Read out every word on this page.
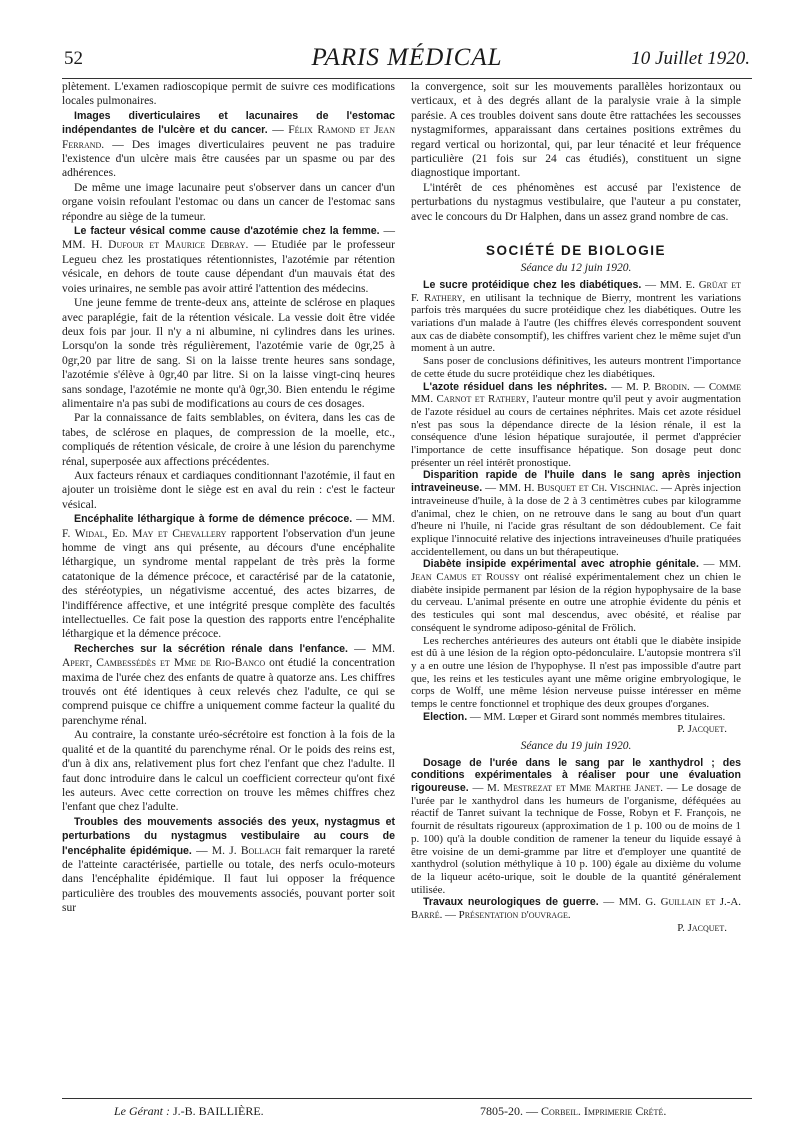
52	PARIS MÉDICAL	10 Juillet 1920.

plètement. L'examen radioscopique permit de suivre ces modifications locales pulmonaires.

Images diverticulaires et lacunaires de l'estomac indépendantes de l'ulcère et du cancer. — Félix Ramond et Jean Ferrand. — Des images diverticulaires peuvent ne pas traduire l'existence d'un ulcère mais être causées par un spasme ou par des adhérences.

De même une image lacunaire peut s'observer dans un cancer d'un organe voisin refoulant l'estomac ou dans un cancer de l'estomac sans répondre au siège de la tumeur.

Le facteur vésical comme cause d'azotémie chez la femme. — MM. H. Dufour et Maurice Debray. — Etudiée par le professeur Legueu chez les prostatiques rétentionnistes, l'azotémie par rétention vésicale, en dehors de toute cause dépendant d'un mauvais état des voies urinaires, ne semble pas avoir attiré l'attention des médecins.

Une jeune femme de trente-deux ans, atteinte de sclérose en plaques avec paraplégie, fait de la rétention vésicale. La vessie doit être vidée deux fois par jour. Il n'y a ni albumine, ni cylindres dans les urines. Lorsqu'on la sonde très régulièrement, l'azotémie varie de 0gr,25 à 0gr,20 par litre de sang. Si on la laisse trente heures sans sondage, l'azotémie s'élève à 0gr,40 par litre. Si on la laisse vingt-cinq heures sans sondage, l'azotémie ne monte qu'à 0gr,30. Bien entendu le régime alimentaire n'a pas subi de modifications au cours de ces dosages.

Par la connaissance de faits semblables, on évitera, dans les cas de tabes, de sclérose en plaques, de compression de la moelle, etc., compliqués de rétention vésicale, de croire à une lésion du parenchyme rénal, superposée aux affections précédentes.

Aux facteurs rénaux et cardiaques conditionnant l'azotémie, il faut en ajouter un troisième dont le siège est en aval du rein : c'est le facteur vésical.

Encéphalite léthargique à forme de démence précoce. — MM. F. Widal, Ed. May et Chevallery rapportent l'observation d'un jeune homme de vingt ans qui présente, au décours d'une encéphalite léthargique, un syndrome mental rappelant de très près la forme catatonique de la démence précoce, et caractérisé par de la catatonie, des stéréotypies, un négativisme accentué, des actes bizarres, de l'indifférence affective, et une intégrité presque complète des facultés intellectuelles. Ce fait pose la question des rapports entre l'encéphalite léthargique et la démence précoce.

Recherches sur la sécrétion rénale dans l'enfance. — MM. Apert, Cambessédès et Mme de Rio-Banco ont étudié la concentration maxima de l'urée chez des enfants de quatre à quatorze ans. Les chiffres trouvés ont été identiques à ceux relevés chez l'adulte, ce qui se comprend puisque ce chiffre a uniquement comme facteur la qualité du parenchyme rénal.

Au contraire, la constante uréo-sécrétoire est fonction à la fois de la qualité et de la quantité du parenchyme rénal. Or le poids des reins est, d'un à dix ans, relativement plus fort chez l'enfant que chez l'adulte. Il faut donc introduire dans le calcul un coefficient correcteur qu'ont fixé les auteurs. Avec cette correction on trouve les mêmes chiffres chez l'enfant que chez l'adulte.

Troubles des mouvements associés des yeux, nystagmus et perturbations du nystagmus vestibulaire au cours de l'encéphalite épidémique. — M. J. Bollach fait remarquer la rareté de l'atteinte caractérisée, partielle ou totale, des nerfs oculo-moteurs dans l'encéphalite épidémique. Il faut lui opposer la fréquence particulière des troubles des mouvements associés, pouvant porter soit sur

la convergence, soit sur les mouvements parallèles horizontaux ou verticaux, et à des degrés allant de la paralysie vraie à la simple parésie. A ces troubles doivent sans doute être rattachées les secousses nystagmiformes, apparaissant dans certaines positions extrêmes du regard vertical ou horizontal, qui, par leur ténacité et leur fréquence particulière (21 fois sur 24 cas étudiés), constituent un signe diagnostique important.

L'intérêt de ces phénomènes est accusé par l'existence de perturbations du nystagmus vestibulaire, que l'auteur a pu constater, avec le concours du Dr Halphen, dans un assez grand nombre de cas.

SOCIÉTÉ DE BIOLOGIE
Séance du 12 juin 1920.

Le sucre protéidique chez les diabétiques. — MM. E. Grüat et F. Rathery, en utilisant la technique de Bierry, montrent les variations parfois très marquées du sucre protéidique chez les diabétiques. Outre les variations d'un malade à l'autre (les chiffres élevés correspondent souvent aux cas de diabète consomptif), les chiffres varient chez le même sujet d'un moment à un autre.

Sans poser de conclusions définitives, les auteurs montrent l'importance de cette étude du sucre protéidique chez les diabétiques.

L'azote résiduel dans les néphrites. — M. P. Brodin. — Comme MM. Carnot et Rathery, l'auteur montre qu'il peut y avoir augmentation de l'azote résiduel au cours de certaines néphrites. Mais cet azote résiduel n'est pas sous la dépendance directe de la lésion rénale, il est la conséquence d'une lésion hépatique surajoutée, il permet d'apprécier l'importance de cette insuffisance hépatique. Son dosage peut donc présenter un réel intérêt pronostique.

Disparition rapide de l'huile dans le sang après injection intraveineuse. — MM. H. Busquet et Ch. Vischniac. — Après injection intraveineuse d'huile, à la dose de 2 à 3 centimètres cubes par kilogramme d'animal, chez le chien, on ne retrouve dans le sang au bout d'un quart d'heure ni l'huile, ni l'acide gras résultant de son dédoublement. Ce fait explique l'innocuité relative des injections intraveineuses d'huile pratiquées accidentellement, ou dans un but thérapeutique.

Diabète insipide expérimental avec atrophie génitale. — MM. Jean Camus et Roussy ont réalisé expérimentalement chez un chien le diabète insipide permanent par lésion de la région hypophysaire de la base du cerveau. L'animal présente en outre une atrophie évidente du pénis et des testicules qui sont mal descendus, avec obésité, et réalise par conséquent le syndrome adiposo-génital de Frölich.

Les recherches antérieures des auteurs ont établi que le diabète insipide est dû à une lésion de la région opto-pédonculaire. L'autopsie montrera s'il y a en outre une lésion de l'hypophyse. Il n'est pas impossible d'autre part que, les reins et les testicules ayant une même origine embryologique, le corps de Wolff, une même lésion nerveuse puisse intéresser en même temps le centre fonctionnel et trophique des deux groupes d'organes.

Election. — MM. Lœper et Girard sont nommés membres titulaires.

P. Jacquet.

Séance du 19 juin 1920.

Dosage de l'urée dans le sang par le xanthydrol ; des conditions expérimentales à réaliser pour une évaluation rigoureuse. — M. Mestrezat et Mme Marthe Janet. — Le dosage de l'urée par le xanthydrol dans les humeurs de l'organisme, déféquées au réactif de Tanret suivant la technique de Fosse, Robyn et F. François, ne fournit de résultats rigoureux (approximation de 1 p. 100 ou de moins de 1 p. 100) qu'à la double condition de ramener la teneur du liquide essayé à être voisine de un demi-gramme par litre et d'employer une quantité de xanthydrol (solution méthylique à 10 p. 100) égale au dixième du volume de la liqueur acéto-urique, soit le double de la quantité généralement utilisée.

Travaux neurologiques de guerre. — MM. G. Guillain et J.-A. Barré. — Présentation d'ouvrage.

P. Jacquet.

Le Gérant : J.-B. BAILLIÈRE.	7805-20. — Corbeil. Imprimerie Crété.
